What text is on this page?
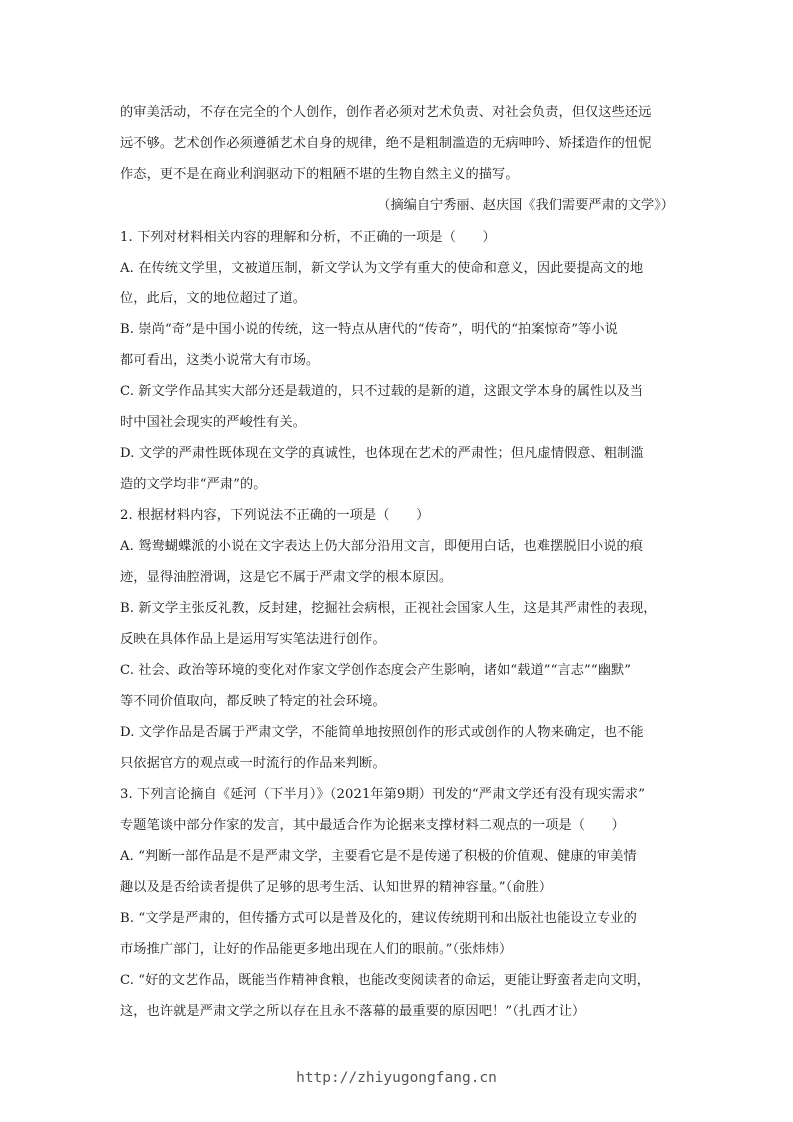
的审美活动，不存在完全的个人创作，创作者必须对艺术负责、对社会负责，但仅这些还远
远不够。艺术创作必须遵循艺术自身的规律，绝不是粗制滥造的无病呻吟、矫揉造作的忸怩
作态，更不是在商业利润驱动下的粗陋不堪的生物自然主义的描写。
（摘编自宁秀丽、赵庆国《我们需要严肃的文学》）
1. 下列对材料相关内容的理解和分析，不正确的一项是（　　）
A. 在传统文学里，文被道压制，新文学认为文学有重大的使命和意义，因此要提高文的地
位，此后，文的地位超过了道。
B. 崇尚“奇”是中国小说的传统，这一特点从唐代的“传奇”，明代的“拍案惊奇”等小说
都可看出，这类小说常大有市场。
C. 新文学作品其实大部分还是载道的，只不过载的是新的道，这跟文学本身的属性以及当
时中国社会现实的严峻性有关。
D. 文学的严肃性既体现在文学的真诚性，也体现在艺术的严肃性；但凡虚情假意、粗制滥
造的文学均非“严肃”的。
2. 根据材料内容，下列说法不正确的一项是（　　）
A. 鸳鸯蝴蝶派的小说在文字表达上仍大部分沿用文言，即便用白话，也难摆脱旧小说的痕
迹，显得油腔滑调，这是它不属于严肃文学的根本原因。
B. 新文学主张反礼教，反封建，挖掘社会病根，正视社会国家人生，这是其严肃性的表现，
反映在具体作品上是运用写实笔法进行创作。
C. 社会、政治等环境的变化对作家文学创作态度会产生影响，诸如“载道”“言志”“幽默”
等不同价值取向，都反映了特定的社会环境。
D. 文学作品是否属于严肃文学，不能简单地按照创作的形式或创作的人物来确定，也不能
只依据官方的观点或一时流行的作品来判断。
3. 下列言论摘自《延河（下半月）》（2021年第9期）刊发的“严肃文学还有没有现实需求”
专题笔谈中部分作家的发言，其中最适合作为论据来支撑材料二观点的一项是（　　）
A. “判断一部作品是不是严肃文学，主要看它是不是传递了积极的价值观、健康的审美情
趣以及是否给读者提供了足够的思考生活、认知世界的精神容量。”（俞胜）
B. “文学是严肃的，但传播方式可以是普及化的，建议传统期刊和出版社也能设立专业的
市场推广部门，让好的作品能更多地出现在人们的眼前。”（张炜炜）
C. “好的文艺作品，既能当作精神食粮，也能改变阅读者的命运，更能让野蛮者走向文明，
这，也许就是严肃文学之所以存在且永不落幕的最重要的原因吧！”（扎西才让）
http://zhiyugongfang.cn
